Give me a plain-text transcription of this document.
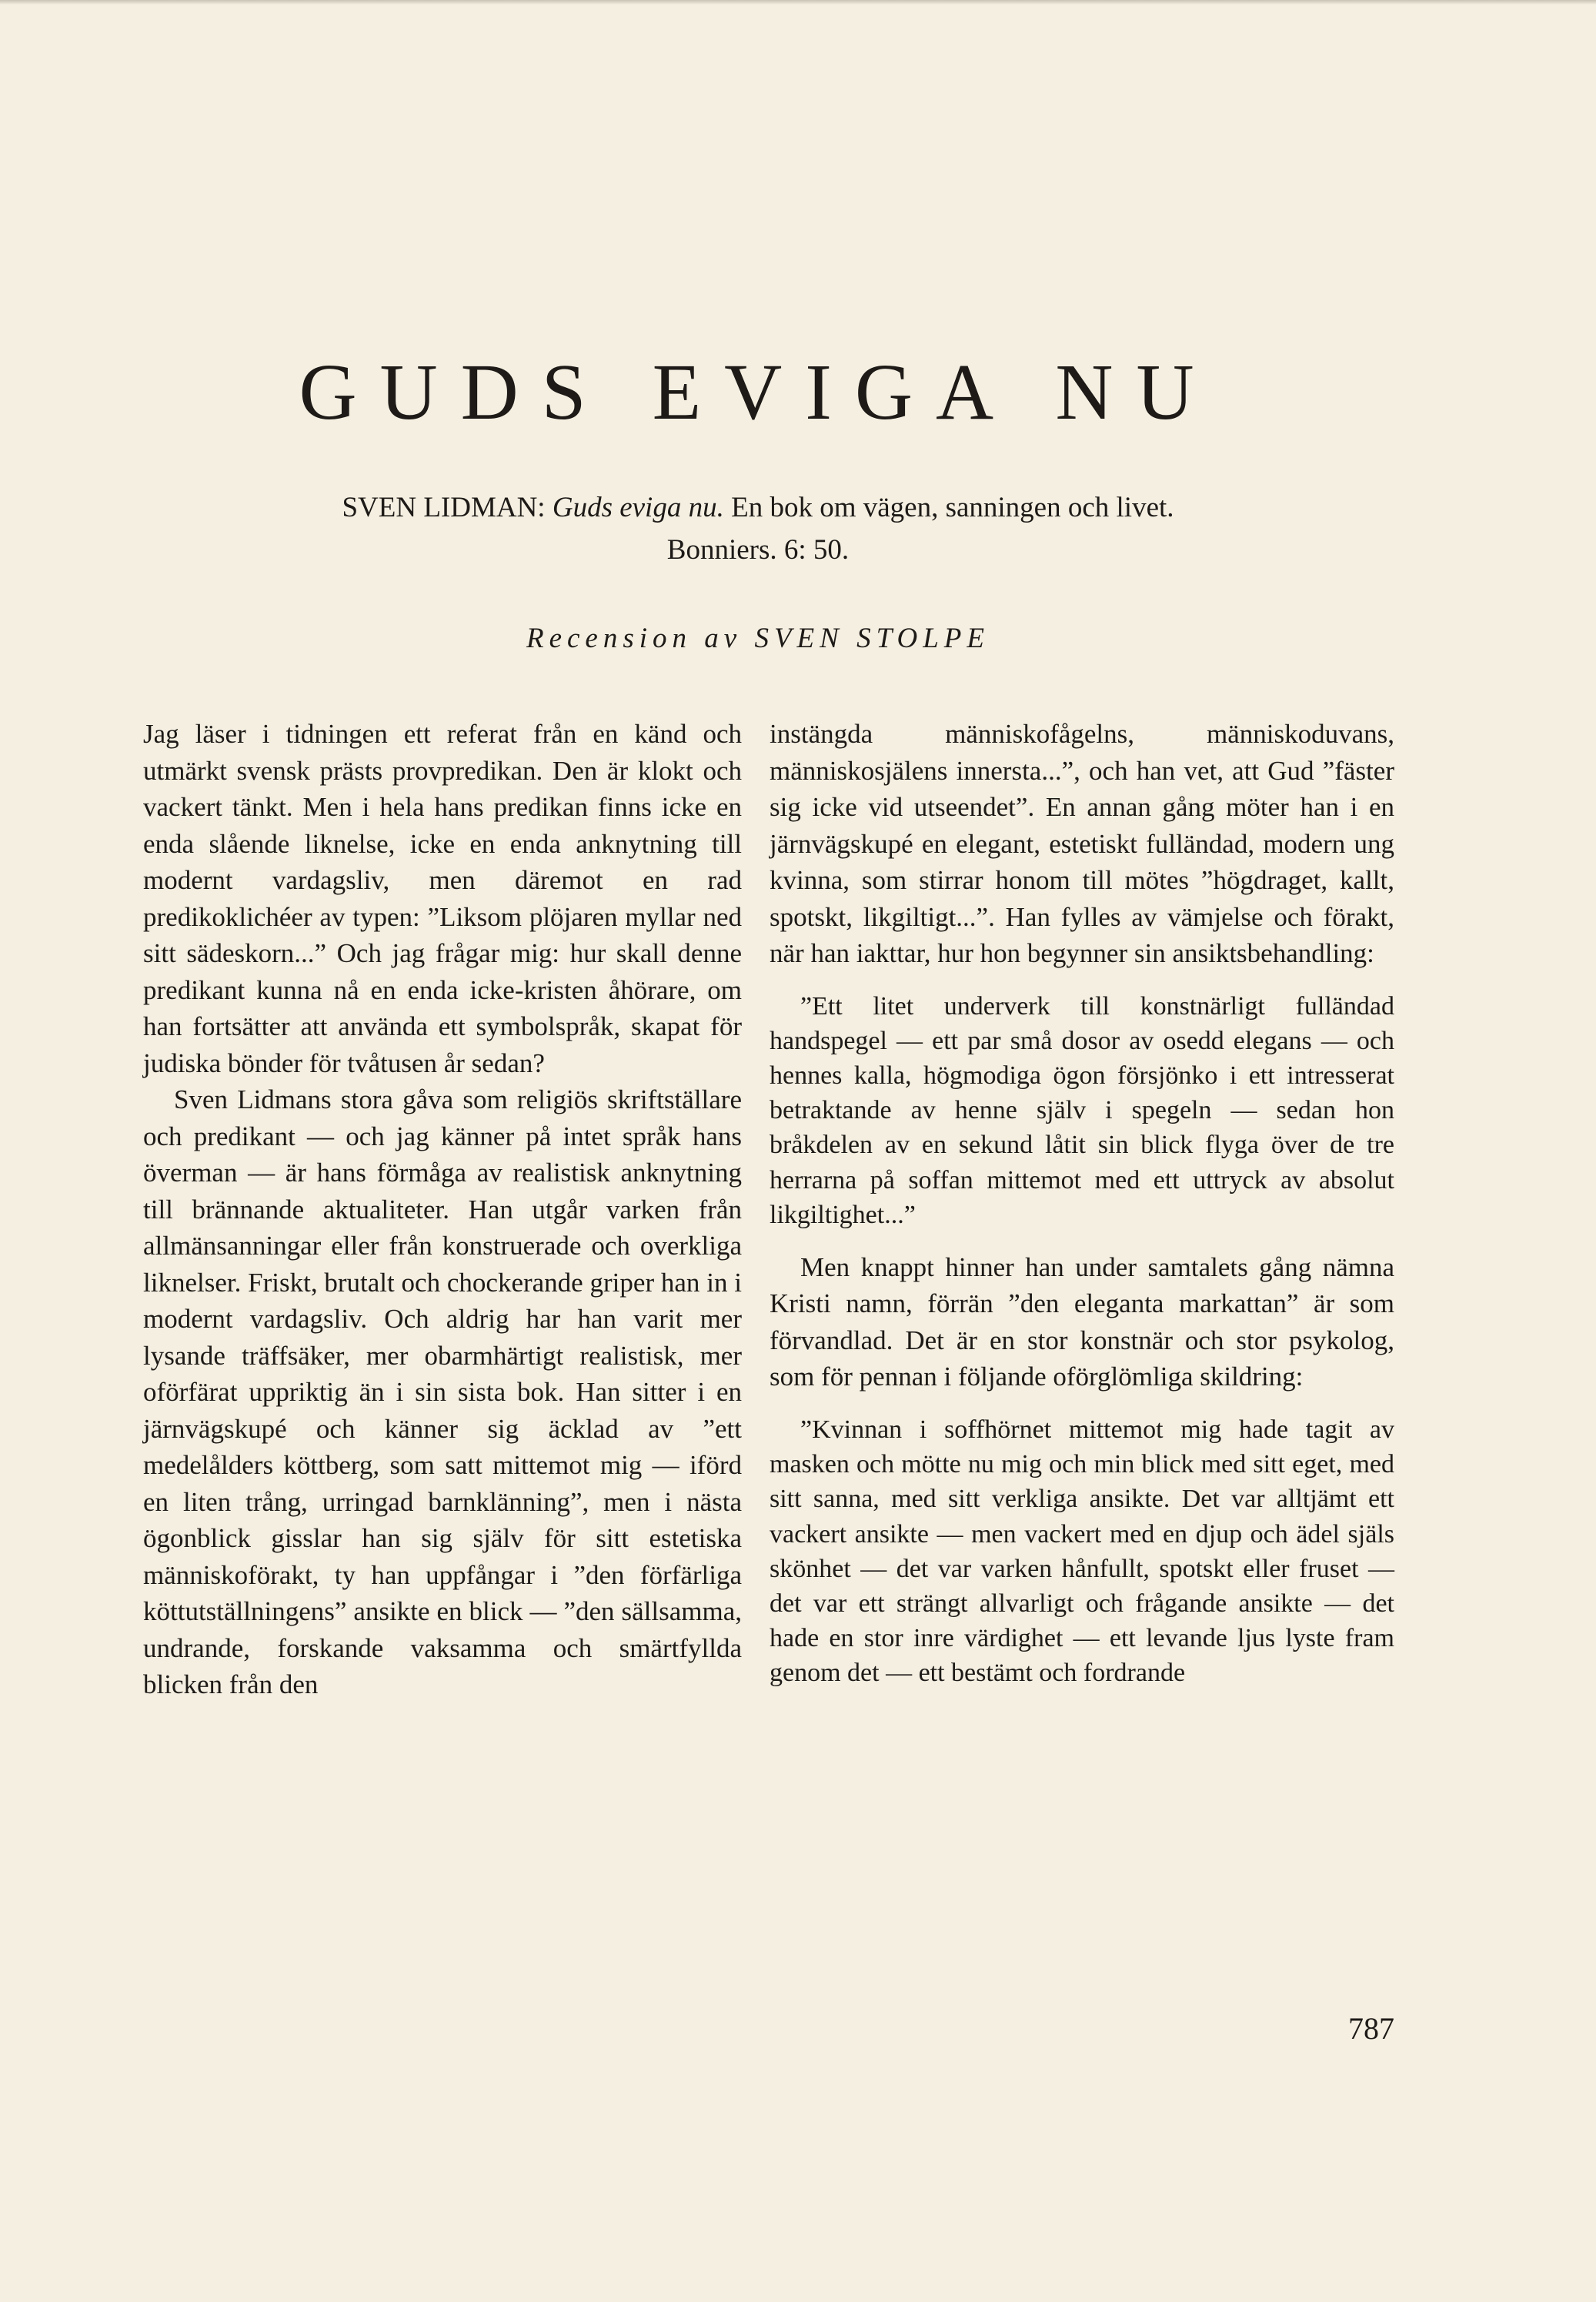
GUDS EVIGA NU

SVEN LIDMAN: Guds eviga nu. En bok om vägen, sanningen och livet.
Bonniers. 6: 50.

Recension av SVEN STOLPE

Jag läser i tidningen ett referat från en känd och utmärkt svensk prästs provpredikan. Den är klokt och vackert tänkt. Men i hela hans predikan finns icke en enda slående liknelse, icke en enda anknytning till modernt vardagsliv, men däremot en rad predikoklichéer av typen: ”Liksom plöjaren myllar ned sitt sädeskorn...” Och jag frågar mig: hur skall denne predikant kunna nå en enda icke-kristen åhörare, om han fortsätter att använda ett symbolspråk, skapat för judiska bönder för tvåtusen år sedan?

Sven Lidmans stora gåva som religiös skriftställare och predikant — och jag känner på intet språk hans överman — är hans förmåga av realistisk anknytning till brännande aktualiteter. Han utgår varken från allmänsanningar eller från konstruerade och overkliga liknelser. Friskt, brutalt och chockerande griper han in i modernt vardagsliv. Och aldrig har han varit mer lysande träffsäker, mer obarmhärtigt realistisk, mer oförfärat uppriktig än i sin sista bok. Han sitter i en järnvägskupé och känner sig äcklad av ”ett medelålders köttberg, som satt mittemot mig — iförd en liten trång, urringad barnklänning”, men i nästa ögonblick gisslar han sig själv för sitt estetiska människoförakt, ty han uppfångar i ”den förfärliga köttutställningens” ansikte en blick — ”den sällsamma, undrande, forskande vaksamma och smärtfyllda blicken från den

instängda människofågelns, människoduvans, människosjälens innersta...”, och han vet, att Gud ”fäster sig icke vid utseendet”. En annan gång möter han i en järnvägskupé en elegant, estetiskt fulländad, modern ung kvinna, som stirrar honom till mötes ”högdraget, kallt, spotskt, likgiltigt...”. Han fylles av vämjelse och förakt, när han iakttar, hur hon begynner sin ansiktsbehandling:

”Ett litet underverk till konstnärligt fulländad handspegel — ett par små dosor av osedd elegans — och hennes kalla, högmodiga ögon försjönko i ett intresserat betraktande av henne själv i spegeln — sedan hon bråkdelen av en sekund låtit sin blick flyga över de tre herrarna på soffan mittemot med ett uttryck av absolut likgiltighet...”

Men knappt hinner han under samtalets gång nämna Kristi namn, förrän ”den eleganta markattan” är som förvandlad. Det är en stor konstnär och stor psykolog, som för pennan i följande oförglömliga skildring:

”Kvinnan i soffhörnet mittemot mig hade tagit av masken och mötte nu mig och min blick med sitt eget, med sitt sanna, med sitt verkliga ansikte. Det var alltjämt ett vackert ansikte — men vackert med en djup och ädel själs skönhet — det var varken hånfullt, spotskt eller fruset — det var ett strängt allvarligt och frågande ansikte — det hade en stor inre värdighet — ett levande ljus lyste fram genom det — ett bestämt och fordrande

787
